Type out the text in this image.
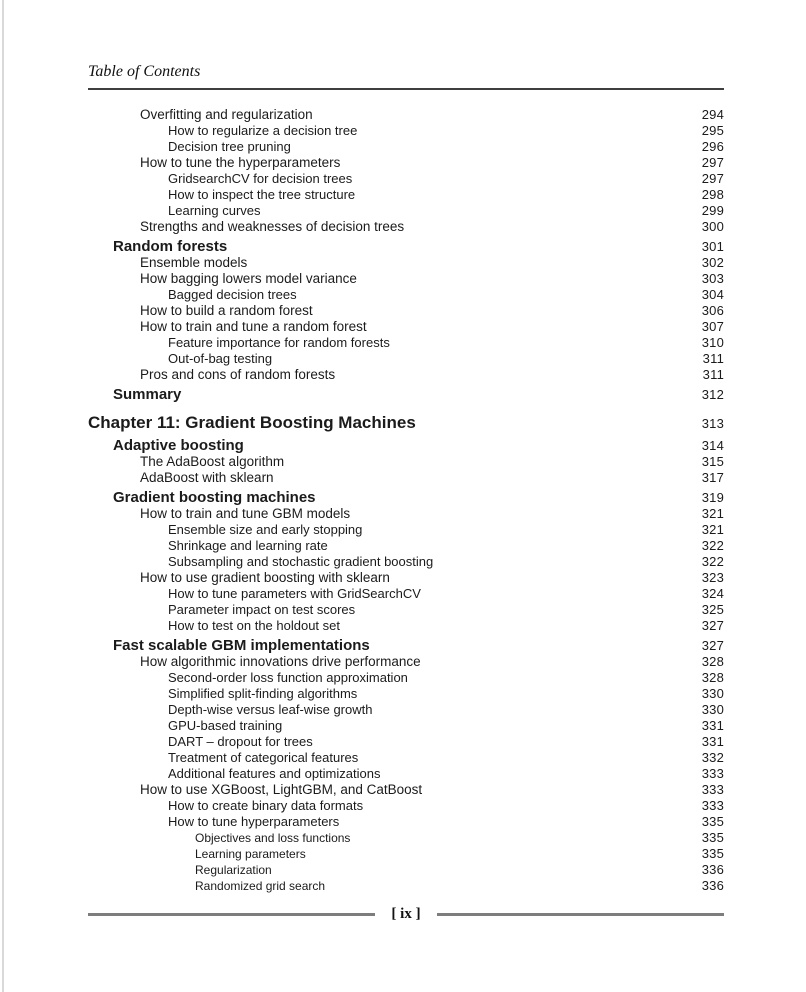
Table of Contents
Overfitting and regularization	294
How to regularize a decision tree	295
Decision tree pruning	296
How to tune the hyperparameters	297
GridsearchCV for decision trees	297
How to inspect the tree structure	298
Learning curves	299
Strengths and weaknesses of decision trees	300
Random forests	301
Ensemble models	302
How bagging lowers model variance	303
Bagged decision trees	304
How to build a random forest	306
How to train and tune a random forest	307
Feature importance for random forests	310
Out-of-bag testing	311
Pros and cons of random forests	311
Summary	312
Chapter 11: Gradient Boosting Machines	313
Adaptive boosting	314
The AdaBoost algorithm	315
AdaBoost with sklearn	317
Gradient boosting machines	319
How to train and tune GBM models	321
Ensemble size and early stopping	321
Shrinkage and learning rate	322
Subsampling and stochastic gradient boosting	322
How to use gradient boosting with sklearn	323
How to tune parameters with GridSearchCV	324
Parameter impact on test scores	325
How to test on the holdout set	327
Fast scalable GBM implementations	327
How algorithmic innovations drive performance	328
Second-order loss function approximation	328
Simplified split-finding algorithms	330
Depth-wise versus leaf-wise growth	330
GPU-based training	331
DART – dropout for trees	331
Treatment of categorical features	332
Additional features and optimizations	333
How to use XGBoost, LightGBM, and CatBoost	333
How to create binary data formats	333
How to tune hyperparameters	335
Objectives and loss functions	335
Learning parameters	335
Regularization	336
Randomized grid search	336
[ ix ]
